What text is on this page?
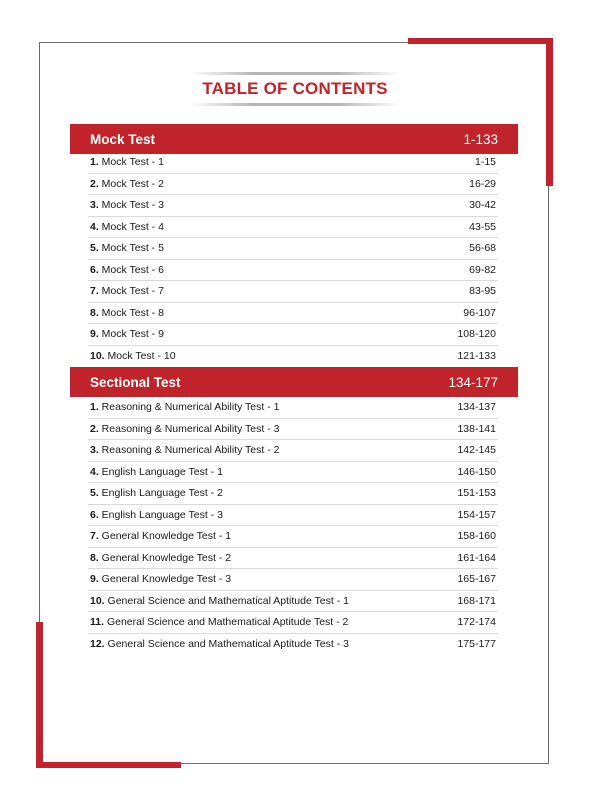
TABLE OF CONTENTS
Mock Test	1-133
1. Mock Test - 1	1-15
2. Mock Test - 2	16-29
3. Mock Test - 3	30-42
4. Mock Test - 4	43-55
5. Mock Test - 5	56-68
6. Mock Test - 6	69-82
7. Mock Test - 7	83-95
8. Mock Test - 8	96-107
9. Mock Test - 9	108-120
10. Mock Test - 10	121-133
Sectional Test	134-177
1. Reasoning & Numerical Ability Test - 1	134-137
2. Reasoning & Numerical Ability Test - 3	138-141
3. Reasoning & Numerical Ability Test - 2	142-145
4. English Language Test - 1	146-150
5. English Language Test - 2	151-153
6. English Language Test - 3	154-157
7. General Knowledge Test - 1	158-160
8. General Knowledge Test - 2	161-164
9. General Knowledge Test - 3	165-167
10. General Science and Mathematical Aptitude Test - 1	168-171
11. General Science and Mathematical Aptitude Test - 2	172-174
12. General Science and Mathematical Aptitude Test - 3	175-177
